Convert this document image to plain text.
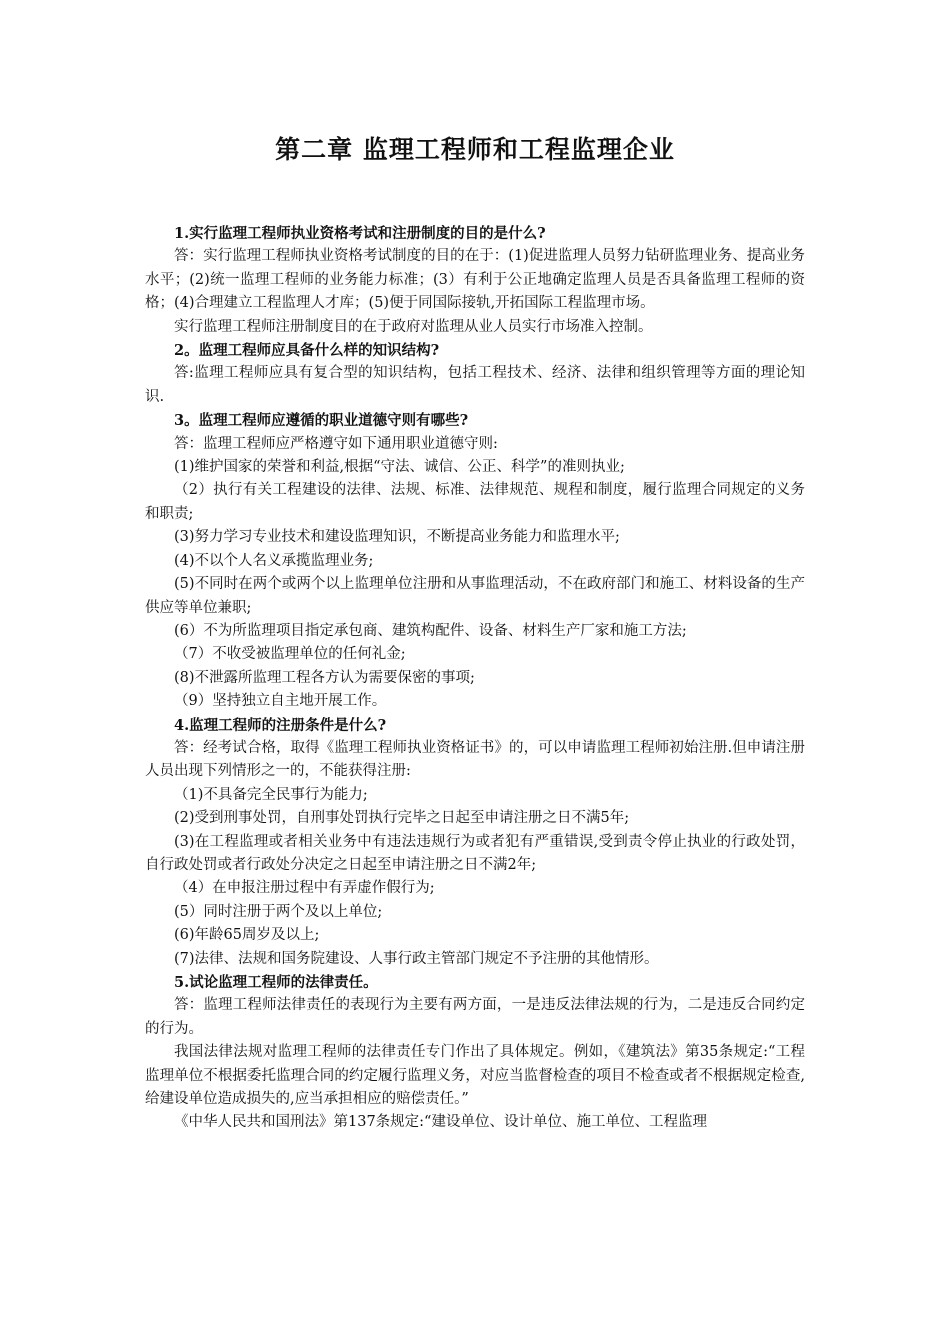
第二章 监理工程师和工程监理企业

1.实行监理工程师执业资格考试和注册制度的目的是什么?

答：实行监理工程师执业资格考试制度的目的在于：(1)促进监理人员努力钻研监理业务、提高业务水平；(2)统一监理工程师的业务能力标准；(3）有利于公正地确定监理人员是否具备监理工程师的资格；(4)合理建立工程监理人才库；(5)便于同国际接轨,开拓国际工程监理市场。

实行监理工程师注册制度目的在于政府对监理从业人员实行市场准入控制。

2。监理工程师应具备什么样的知识结构?

答:监理工程师应具有复合型的知识结构，包括工程技术、经济、法律和组织管理等方面的理论知识.

3。监理工程师应遵循的职业道德守则有哪些?

答：监理工程师应严格遵守如下通用职业道德守则:

(1)维护国家的荣誉和利益,根据“守法、诚信、公正、科学”的准则执业;

（2）执行有关工程建设的法律、法规、标准、法律规范、规程和制度，履行监理合同规定的义务和职责;

(3)努力学习专业技术和建设监理知识，不断提高业务能力和监理水平;

(4)不以个人名义承揽监理业务;

(5)不同时在两个或两个以上监理单位注册和从事监理活动，不在政府部门和施工、材料设备的生产供应等单位兼职;

(6）不为所监理项目指定承包商、建筑构配件、设备、材料生产厂家和施工方法;

（7）不收受被监理单位的任何礼金;

(8)不泄露所监理工程各方认为需要保密的事项;

（9）坚持独立自主地开展工作。

4.监理工程师的注册条件是什么?

答：经考试合格，取得《监理工程师执业资格证书》的，可以申请监理工程师初始注册.但申请注册人员出现下列情形之一的，不能获得注册:

（1)不具备完全民事行为能力;

(2)受到刑事处罚，自刑事处罚执行完毕之日起至申请注册之日不满5年;

(3)在工程监理或者相关业务中有违法违规行为或者犯有严重错误,受到责令停止执业的行政处罚，自行政处罚或者行政处分决定之日起至申请注册之日不满2年;

（4）在申报注册过程中有弄虚作假行为;

(5）同时注册于两个及以上单位;

(6)年龄65周岁及以上;

(7)法律、法规和国务院建设、人事行政主管部门规定不予注册的其他情形。

5.试论监理工程师的法律责任。

答：监理工程师法律责任的表现行为主要有两方面，一是违反法律法规的行为，二是违反合同约定的行为。

我国法律法规对监理工程师的法律责任专门作出了具体规定。例如，《建筑法》第35条规定:“工程监理单位不根据委托监理合同的约定履行监理义务，对应当监督检查的项目不检查或者不根据规定检查,给建设单位造成损失的,应当承担相应的赔偿责任。”

《中华人民共和国刑法》第137条规定:“建设单位、设计单位、施工单位、工程监理
